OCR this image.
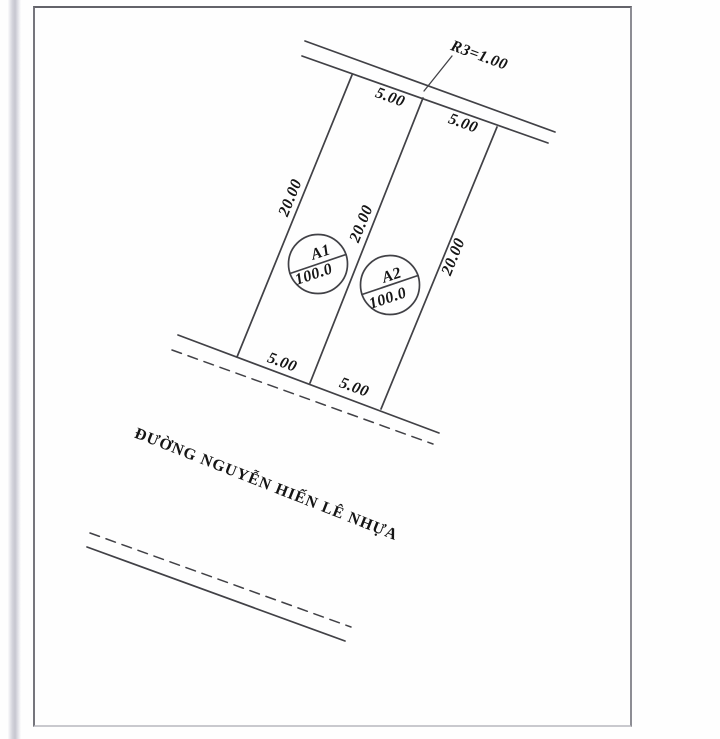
R3=1.00
5.00
5.00
20.00
20.00
20.00
5.00
5.00
A1
100.0	A2
100.0
ĐƯỜNG NGUYỄN HIẾN LÊ NHỰA
